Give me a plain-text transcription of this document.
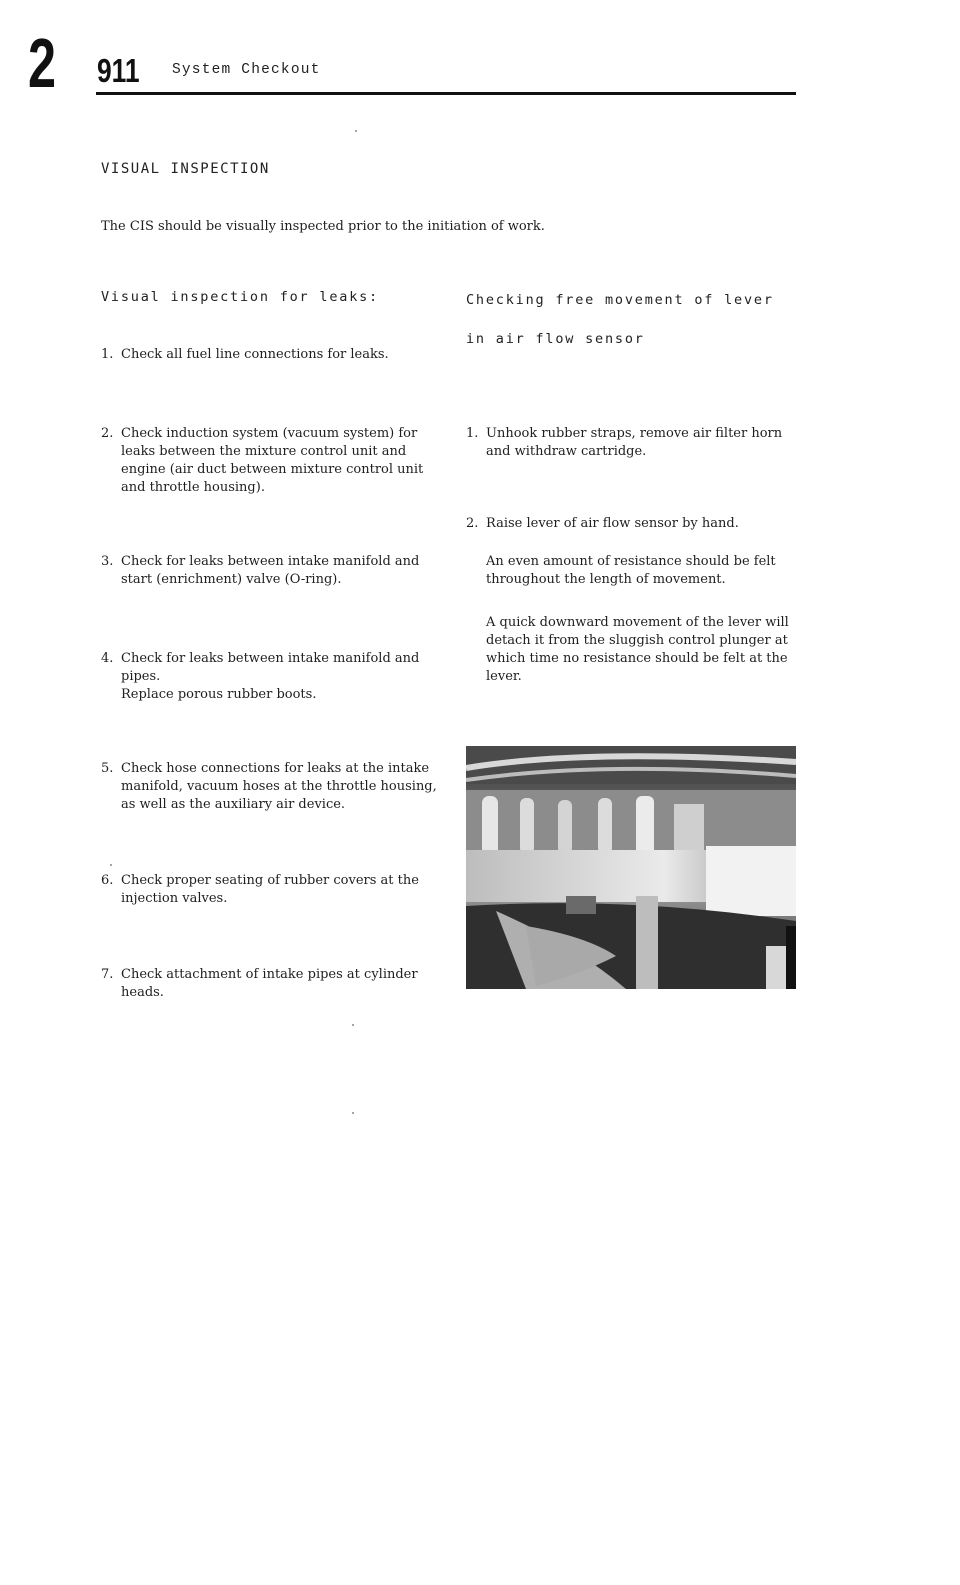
2 911 System Checkout
VISUAL INSPECTION
The CIS should be visually inspected prior to the initiation of work.
Visual inspection for leaks:
1. Check all fuel line connections for leaks.
2. Check induction system (vacuum system) for
leaks between the mixture control unit and
engine (air duct between mixture control unit
and throttle housing).
3. Check for leaks between intake manifold and
start (enrichment) valve (O-ring).
4. Check for leaks between intake manifold and
pipes.
Replace porous rubber boots.
5. Check hose connections for leaks at the intake
manifold, vacuum hoses at the throttle housing,
as well as the auxiliary air device.
6. Check proper seating of rubber covers at the
injection valves.
7. Check attachment of intake pipes at cylinder
heads.
Checking free movement of lever
in air flow sensor
1. Unhook rubber straps, remove air filter horn
and withdraw cartridge.
2. Raise lever of air flow sensor by hand.
An even amount of resistance should be felt
throughout the length of movement.
A quick downward movement of the lever will
detach it from the sluggish control plunger at
which time no resistance should be felt at the
lever.
